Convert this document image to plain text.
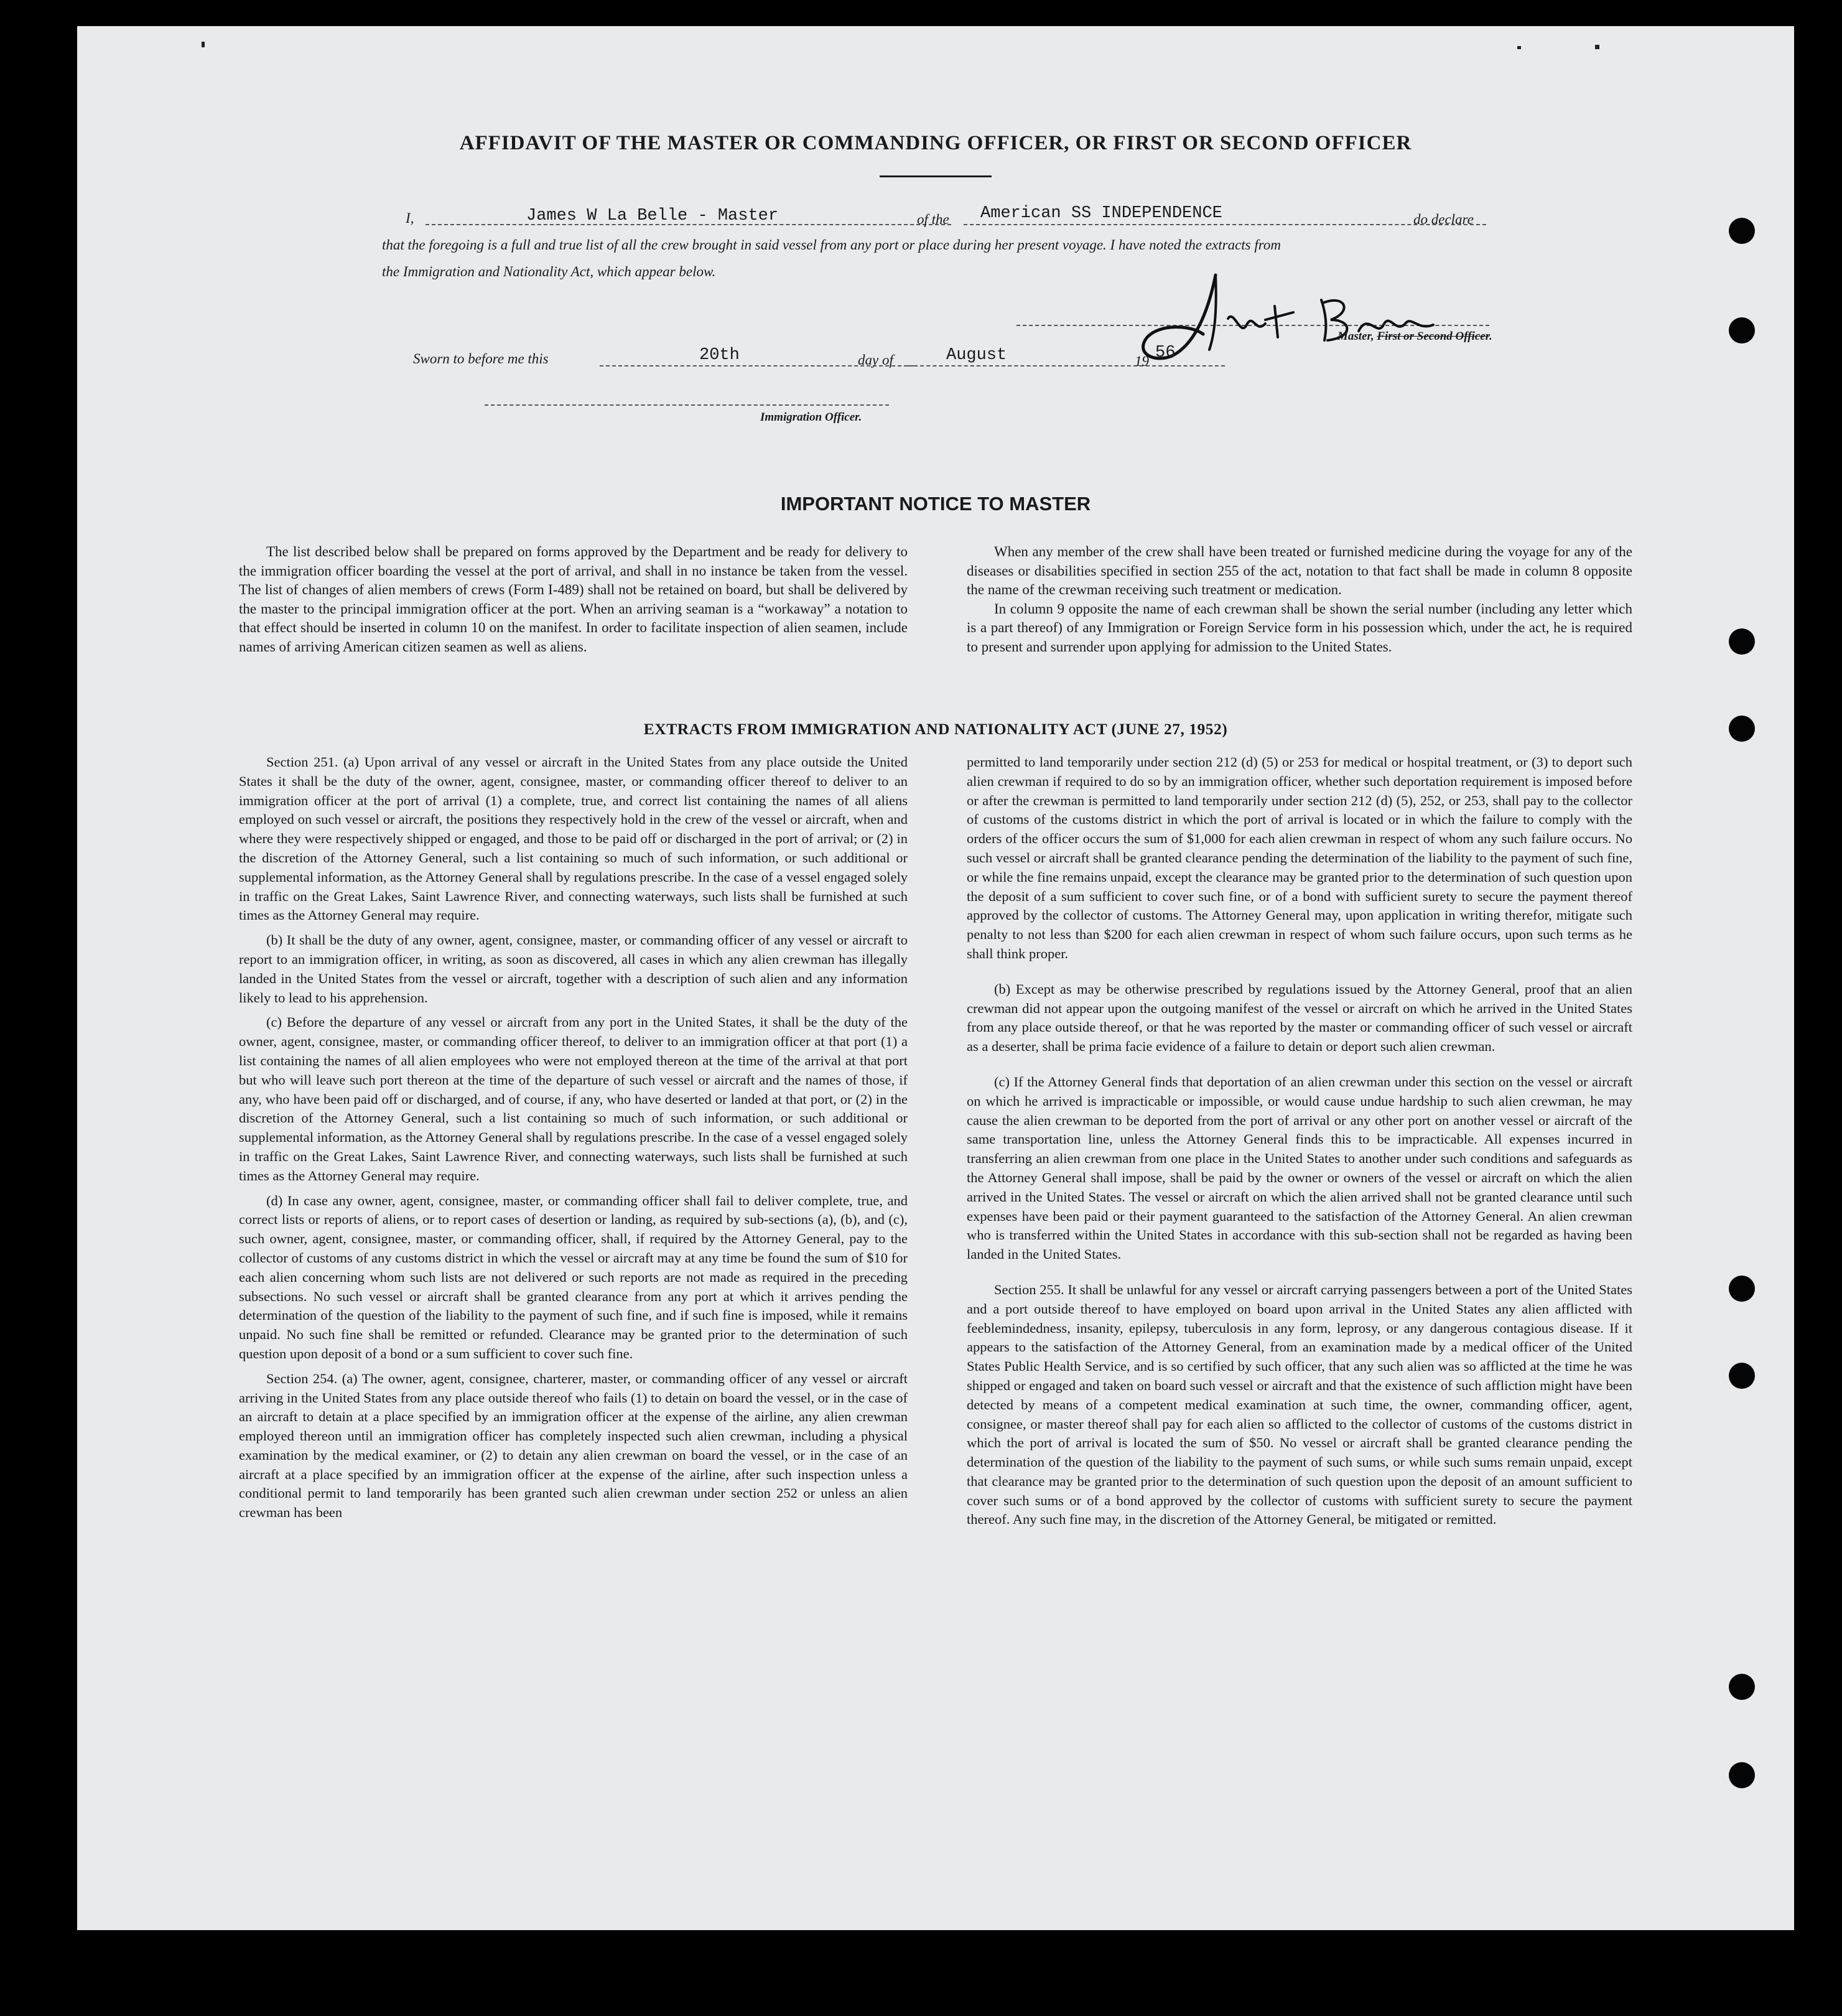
AFFIDAVIT OF THE MASTER OR COMMANDING OFFICER, OR FIRST OR SECOND OFFICER
I,	James W La Belle - Master	of the American SS INDEPENDENCE	do declare
that the foregoing is a full and true list of all the crew brought in said vessel from any port or place during her present voyage. I have noted the extracts from
the Immigration and Nationality Act, which appear below.
Master, First or Second Officer.
Sworn to before me this	20th	day of	August	19 56
Immigration Officer.
IMPORTANT NOTICE TO MASTER

The list described below shall be prepared on forms approved by the Department and be ready for delivery to the immigration officer boarding the vessel at the port of arrival, and shall in no instance be taken from the vessel. The list of changes of alien members of crews (Form I-489) shall not be retained on board, but shall be delivered by the master to the principal immigration officer at the port. When an arriving seaman is a “workaway” a notation to that effect should be inserted in column 10 on the manifest. In order to facilitate inspection of alien seamen, include names of arriving American citizen seamen as well as aliens.

When any member of the crew shall have been treated or furnished medicine during the voyage for any of the diseases or disabilities specified in section 255 of the act, notation to that fact shall be made in column 8 opposite the name of the crewman receiving such treatment or medication.

In column 9 opposite the name of each crewman shall be shown the serial number (including any letter which is a part thereof) of any Immigration or Foreign Service form in his possession which, under the act, he is required to present and surrender upon applying for admission to the United States.

EXTRACTS FROM IMMIGRATION AND NATIONALITY ACT (JUNE 27, 1952)

Section 251. (a) Upon arrival of any vessel or aircraft in the United States from any place outside the United States it shall be the duty of the owner, agent, consignee, master, or commanding officer thereof to deliver to an immigration officer at the port of arrival (1) a complete, true, and correct list containing the names of all aliens employed on such vessel or aircraft, the positions they respectively hold in the crew of the vessel or aircraft, when and where they were respectively shipped or engaged, and those to be paid off or discharged in the port of arrival; or (2) in the discretion of the Attorney General, such a list containing so much of such information, or such additional or supplemental information, as the Attorney General shall by regulations prescribe. In the case of a vessel engaged solely in traffic on the Great Lakes, Saint Lawrence River, and connecting waterways, such lists shall be furnished at such times as the Attorney General may require.

(b) It shall be the duty of any owner, agent, consignee, master, or commanding officer of any vessel or aircraft to report to an immigration officer, in writing, as soon as discovered, all cases in which any alien crewman has illegally landed in the United States from the vessel or aircraft, together with a description of such alien and any information likely to lead to his apprehension.

(c) Before the departure of any vessel or aircraft from any port in the United States, it shall be the duty of the owner, agent, consignee, master, or commanding officer thereof, to deliver to an immigration officer at that port (1) a list containing the names of all alien employees who were not employed thereon at the time of the arrival at that port but who will leave such port thereon at the time of the departure of such vessel or aircraft and the names of those, if any, who have been paid off or discharged, and of course, if any, who have deserted or landed at that port, or (2) in the discretion of the Attorney General, such a list containing so much of such information, or such additional or supplemental information, as the Attorney General shall by regulations prescribe. In the case of a vessel engaged solely in traffic on the Great Lakes, Saint Lawrence River, and connecting waterways, such lists shall be furnished at such times as the Attorney General may require.

(d) In case any owner, agent, consignee, master, or commanding officer shall fail to deliver complete, true, and correct lists or reports of aliens, or to report cases of desertion or landing, as required by sub-sections (a), (b), and (c), such owner, agent, consignee, master, or commanding officer, shall, if required by the Attorney General, pay to the collector of customs of any customs district in which the vessel or aircraft may at any time be found the sum of $10 for each alien concerning whom such lists are not delivered or such reports are not made as required in the preceding subsections. No such vessel or aircraft shall be granted clearance from any port at which it arrives pending the determination of the question of the liability to the payment of such fine, and if such fine is imposed, while it remains unpaid. No such fine shall be remitted or refunded. Clearance may be granted prior to the determination of such question upon deposit of a bond or a sum sufficient to cover such fine.

Section 254. (a) The owner, agent, consignee, charterer, master, or commanding officer of any vessel or aircraft arriving in the United States from any place outside thereof who fails (1) to detain on board the vessel, or in the case of an aircraft to detain at a place specified by an immigration officer at the expense of the airline, any alien crewman employed thereon until an immigration officer has completely inspected such alien crewman, including a physical examination by the medical examiner, or (2) to detain any alien crewman on board the vessel, or in the case of an aircraft at a place specified by an immigration officer at the expense of the airline, after such inspection unless a conditional permit to land temporarily has been granted such alien crewman under section 252 or unless an alien crewman has been

permitted to land temporarily under section 212 (d) (5) or 253 for medical or hospital treatment, or (3) to deport such alien crewman if required to do so by an immigration officer, whether such deportation requirement is imposed before or after the crewman is permitted to land temporarily under section 212 (d) (5), 252, or 253, shall pay to the collector of customs of the customs district in which the port of arrival is located or in which the failure to comply with the orders of the officer occurs the sum of $1,000 for each alien crewman in respect of whom any such failure occurs. No such vessel or aircraft shall be granted clearance pending the determination of the liability to the payment of such fine, or while the fine remains unpaid, except the clearance may be granted prior to the determination of such question upon the deposit of a sum sufficient to cover such fine, or of a bond with sufficient surety to secure the payment thereof approved by the collector of customs. The Attorney General may, upon application in writing therefor, mitigate such penalty to not less than $200 for each alien crewman in respect of whom such failure occurs, upon such terms as he shall think proper.

(b) Except as may be otherwise prescribed by regulations issued by the Attorney General, proof that an alien crewman did not appear upon the outgoing manifest of the vessel or aircraft on which he arrived in the United States from any place outside thereof, or that he was reported by the master or commanding officer of such vessel or aircraft as a deserter, shall be prima facie evidence of a failure to detain or deport such alien crewman.

(c) If the Attorney General finds that deportation of an alien crewman under this section on the vessel or aircraft on which he arrived is impracticable or impossible, or would cause undue hardship to such alien crewman, he may cause the alien crewman to be deported from the port of arrival or any other port on another vessel or aircraft of the same transportation line, unless the Attorney General finds this to be impracticable. All expenses incurred in transferring an alien crewman from one place in the United States to another under such conditions and safeguards as the Attorney General shall impose, shall be paid by the owner or owners of the vessel or aircraft on which the alien arrived in the United States. The vessel or aircraft on which the alien arrived shall not be granted clearance until such expenses have been paid or their payment guaranteed to the satisfaction of the Attorney General. An alien crewman who is transferred within the United States in accordance with this sub-section shall not be regarded as having been landed in the United States.

Section 255. It shall be unlawful for any vessel or aircraft carrying passengers between a port of the United States and a port outside thereof to have employed on board upon arrival in the United States any alien afflicted with feeblemindedness, insanity, epilepsy, tuberculosis in any form, leprosy, or any dangerous contagious disease. If it appears to the satisfaction of the Attorney General, from an examination made by a medical officer of the United States Public Health Service, and is so certified by such officer, that any such alien was so afflicted at the time he was shipped or engaged and taken on board such vessel or aircraft and that the existence of such affliction might have been detected by means of a competent medical examination at such time, the owner, commanding officer, agent, consignee, or master thereof shall pay for each alien so afflicted to the collector of customs of the customs district in which the port of arrival is located the sum of $50. No vessel or aircraft shall be granted clearance pending the determination of the question of the liability to the payment of such sums, or while such sums remain unpaid, except that clearance may be granted prior to the determination of such question upon the deposit of an amount sufficient to cover such sums or of a bond approved by the collector of customs with sufficient surety to secure the payment thereof. Any such fine may, in the discretion of the Attorney General, be mitigated or remitted.
